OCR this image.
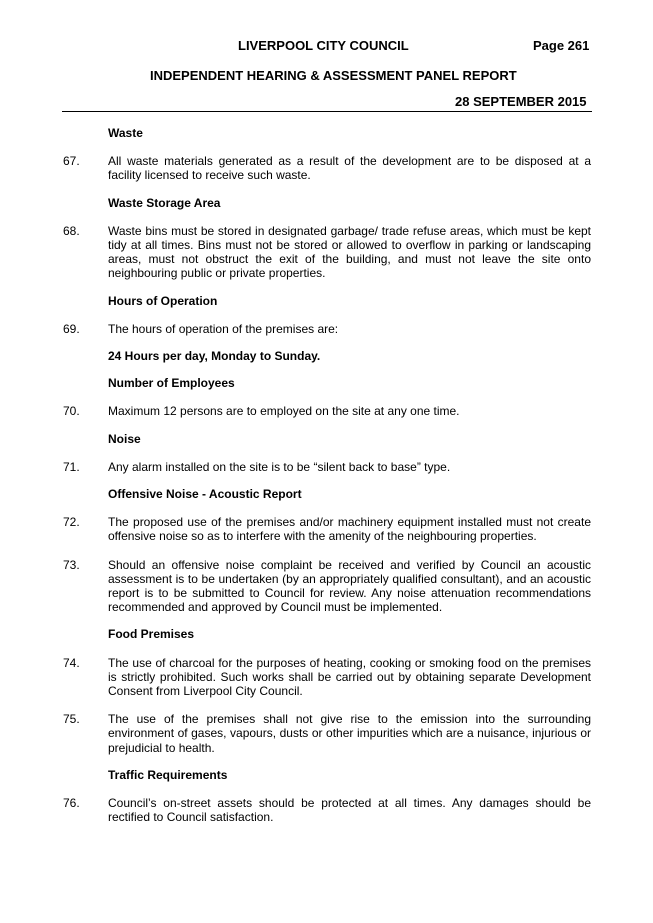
LIVERPOOL CITY COUNCIL	Page 261
INDEPENDENT HEARING & ASSESSMENT PANEL REPORT
28 SEPTEMBER 2015
Waste
67.	All waste materials generated as a result of the development are to be disposed at a facility licensed to receive such waste.
Waste Storage Area
68.	Waste bins must be stored in designated garbage/ trade refuse areas, which must be kept tidy at all times. Bins must not be stored or allowed to overflow in parking or landscaping areas, must not obstruct the exit of the building, and must not leave the site onto neighbouring public or private properties.
Hours of Operation
69.	The hours of operation of the premises are:
24 Hours per day, Monday to Sunday.
Number of Employees
70.	Maximum 12 persons are to employed on the site at any one time.
Noise
71.	Any alarm installed on the site is to be “silent back to base” type.
Offensive Noise - Acoustic Report
72.	The proposed use of the premises and/or machinery equipment installed must not create offensive noise so as to interfere with the amenity of the neighbouring properties.
73.	Should an offensive noise complaint be received and verified by Council an acoustic assessment is to be undertaken (by an appropriately qualified consultant), and an acoustic report is to be submitted to Council for review. Any noise attenuation recommendations recommended and approved by Council must be implemented.
Food Premises
74.	The use of charcoal for the purposes of heating, cooking or smoking food on the premises is strictly prohibited. Such works shall be carried out by obtaining separate Development Consent from Liverpool City Council.
75.	The use of the premises shall not give rise to the emission into the surrounding environment of gases, vapours, dusts or other impurities which are a nuisance, injurious or prejudicial to health.
Traffic Requirements
76.	Council’s on-street assets should be protected at all times. Any damages should be rectified to Council satisfaction.
